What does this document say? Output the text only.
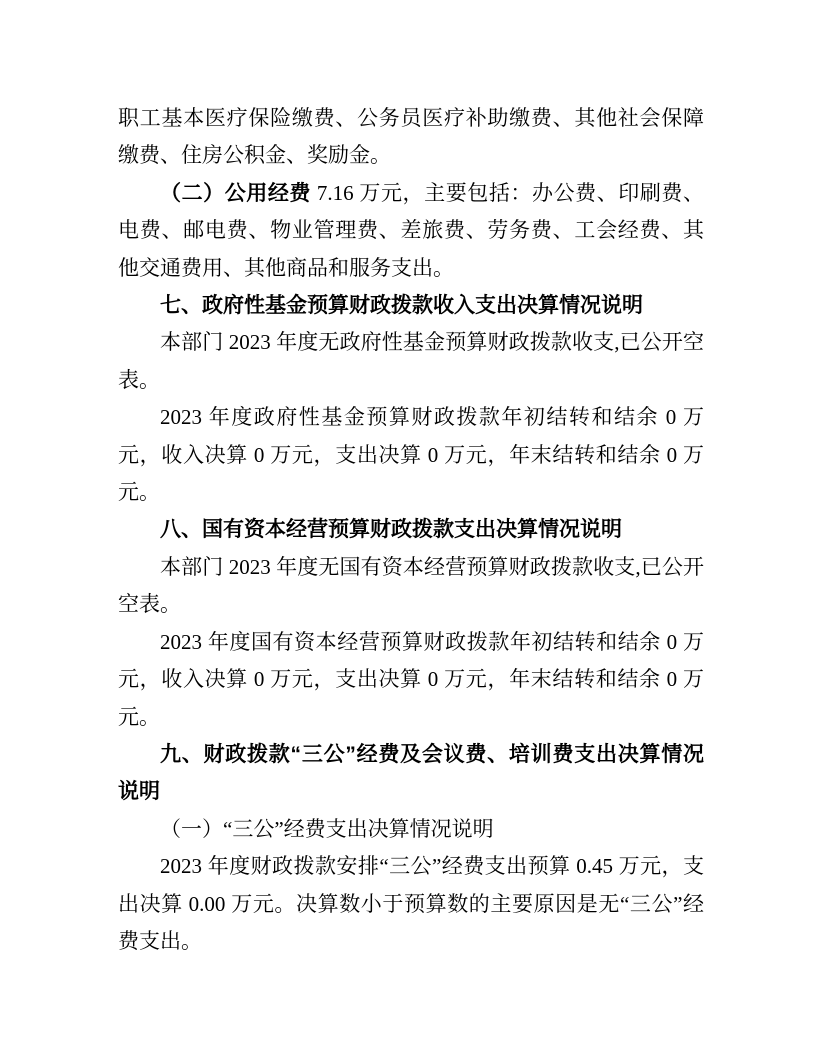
职工基本医疗保险缴费、公务员医疗补助缴费、其他社会保障缴费、住房公积金、奖励金。

（二）公用经费 7.16 万元，主要包括：办公费、印刷费、电费、邮电费、物业管理费、差旅费、劳务费、工会经费、其他交通费用、其他商品和服务支出。

七、政府性基金预算财政拨款收入支出决算情况说明

本部门 2023 年度无政府性基金预算财政拨款收支,已公开空表。

2023 年度政府性基金预算财政拨款年初结转和结余 0 万元，收入决算 0 万元，支出决算 0 万元，年末结转和结余 0 万元。

八、国有资本经营预算财政拨款支出决算情况说明

本部门 2023 年度无国有资本经营预算财政拨款收支,已公开空表。

2023 年度国有资本经营预算财政拨款年初结转和结余 0 万元，收入决算 0 万元，支出决算 0 万元，年末结转和结余 0 万元。

九、财政拨款“三公”经费及会议费、培训费支出决算情况说明

（一）“三公”经费支出决算情况说明

2023 年度财政拨款安排“三公”经费支出预算 0.45 万元，支出决算 0.00 万元。决算数小于预算数的主要原因是无“三公”经费支出。
